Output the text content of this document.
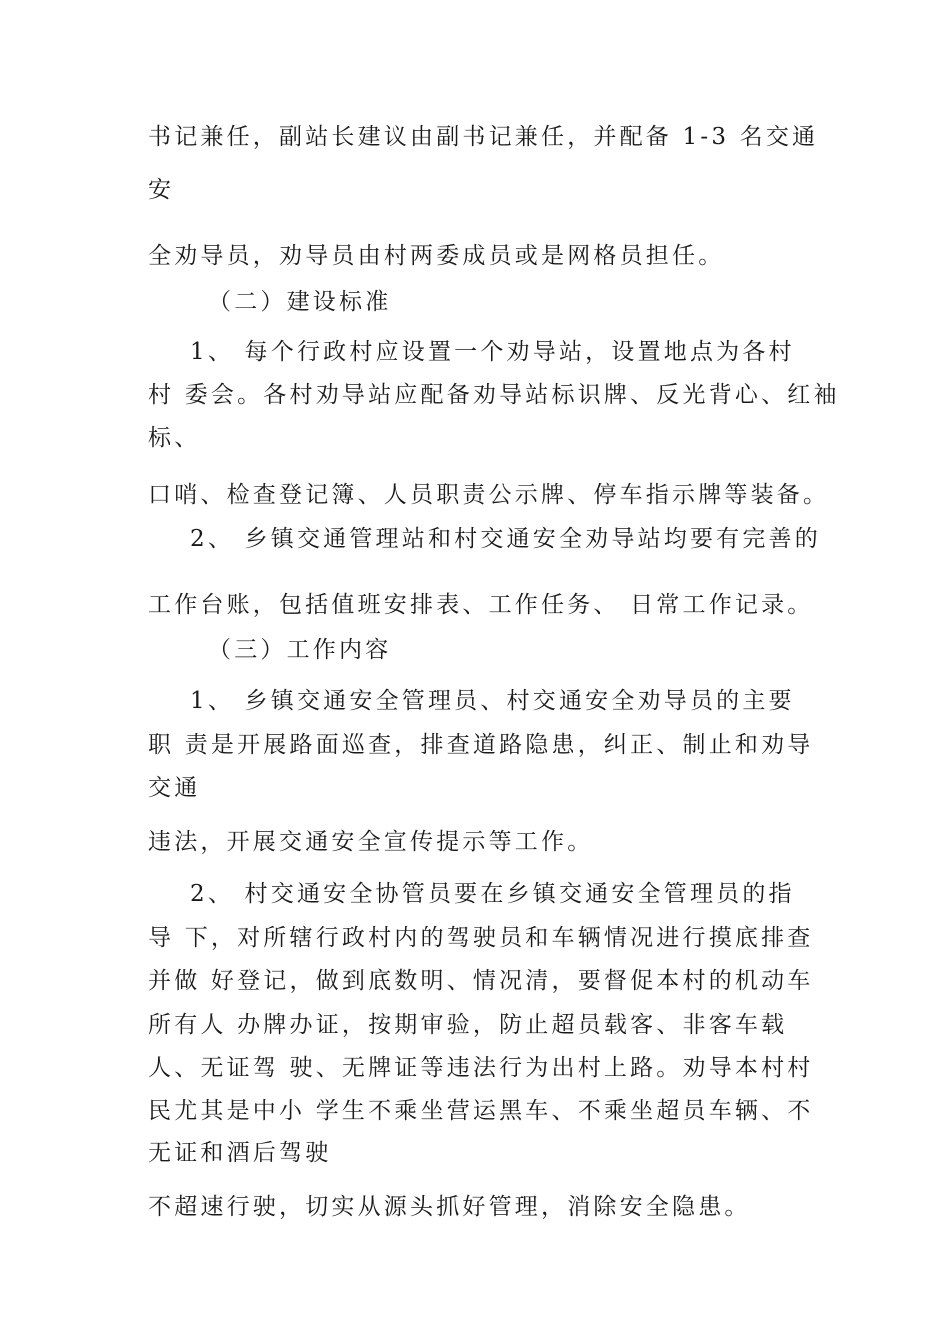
书记兼任，副站长建议由副书记兼任，并配备 1-3 名交通
安
全劝导员，劝导员由村两委成员或是网格员担任。
（二）建设标准
1、 每个行政村应设置一个劝导站，设置地点为各村
村 委会。各村劝导站应配备劝导站标识牌、反光背心、红袖
标、
口哨、检查登记簿、人员职责公示牌、停车指示牌等装备。
2、 乡镇交通管理站和村交通安全劝导站均要有完善的
工作台账，包括值班安排表、工作任务、 日常工作记录。
（三）工作内容
1、 乡镇交通安全管理员、村交通安全劝导员的主要
职 责是开展路面巡查，排查道路隐患，纠正、制止和劝导
交通
违法，开展交通安全宣传提示等工作。
2、 村交通安全协管员要在乡镇交通安全管理员的指
导 下，对所辖行政村内的驾驶员和车辆情况进行摸底排查
并做 好登记，做到底数明、情况清，要督促本村的机动车
所有人 办牌办证，按期审验，防止超员载客、非客车载
人、无证驾 驶、无牌证等违法行为出村上路。劝导本村村
民尤其是中小 学生不乘坐营运黑车、不乘坐超员车辆、不
无证和酒后驾驶
不超速行驶，切实从源头抓好管理，消除安全隐患。
